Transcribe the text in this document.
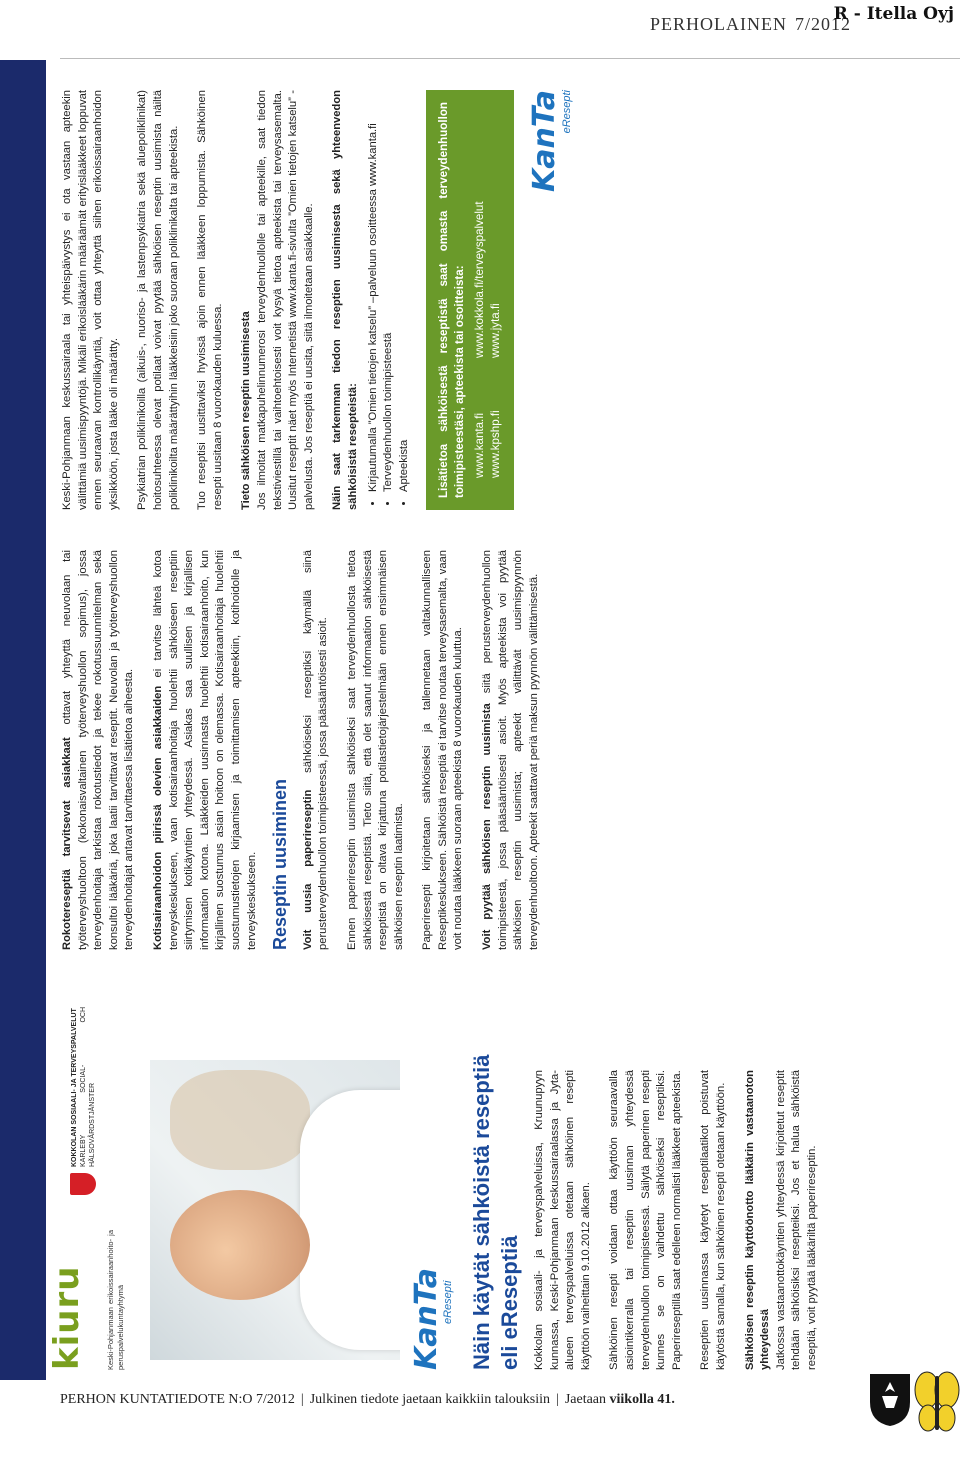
PERHOLAINEN 7/2012
R - Itella Oyj
kiuru	Keski-Pohjanmaan erikoissairaanhoito- ja peruspalvelukuntayhtymä
KOKKOLAN SOSIAALI- JA TERVEYSPALVELUT KARLEBY SOCIAL- OCH HÄLSOVÅRDSTJÄNSTER
KanTa
eResepti Näin käytät sähköistä reseptiä eli eReseptiä Kokkolan sosiaali- ja terveyspalveluissa, Kruunupyyn kunnassa, Keski-Pohjanmaan keskussairaalassa ja Jyta-alueen terveyspalveluissa otetaan sähköinen resepti käyttöön vaiheittain 9.10.2012 alkaen. Sähköinen resepti voidaan ottaa käyttöön seuraavalla asiointikerralla tai reseptin uusinnan yhteydessä terveydenhuollon toimipisteessä. Säilytä paperinen resepti kunnes se on vaihdettu sähköiseksi reseptiksi. Paperireseptillä saat edelleen normalisti lääkkeet apteekista. Reseptien uusinnassa käytetyt reseptilaatikot poistuvat käytöstä samalla, kun sähköinen resepti otetaan käyttöön. Sähköisen reseptin käyttöönotto lääkärin vastaanoton yhteydessä Jatkossa vastaanottokäyntien yhteydessä kirjoitetut reseptit tehdään sähköisiksi resepteiksi. Jos et halua sähköistä reseptiä, voit pyytää lääkäriltä paperireseptin.

Rokotereseptiä tarvitsevat asiakkaat ottavat yhteyttä neuvolaan tai työterveyshuoltoon (kokonaisvaltainen työterveyshuollon sopimus), jossa terveydenhoitaja tarkistaa rokotustiedot ja tekee rokotussuunnitelman sekä konsultoi lääkäriä, joka laatii tarvittavat reseptit. Neuvolan ja työterveyshuollon terveydenhoitajat antavat tarvittaessa lisätietoa aiheesta. Kotisairaanhoidon piirissä olevien asiakkaiden ei tarvitse lähteä kotoa terveyskeskukseen, vaan kotisairaanhoitaja huolehtii sähköiseen reseptiin siirtymisen kotikäyntien yhteydessä. Asiakas saa suullisen ja kirjallisen informaation kotona. Lääkkeiden uusinnasta huolehtii kotisairaanhoito, kun kirjallinen suostumus asian hoitoon on olemassa. Kotisairaanhoitaja huolehtii suostumustietojen kirjaamisen ja toimittamisen apteekkiin, kotihoidolle ja terveyskeskukseen. Reseptin uusiminen Voit uusia paperireseptin sähköiseksi reseptiksi käymällä siinä perusterveydenhuollon toimipisteessä, jossa pääsääntöisesti asioit. Ennen paperireseptin uusimista sähköiseksi saat terveydenhuollosta tietoa sähköisestä reseptistä. Tieto siitä, että olet saanut informaation sähköisestä reseptistä on oltava kirjattuna potilastietojärjestelmään ennen ensimmäisen sähköisen reseptin laatimista. Paperiresepti kirjoitetaan sähköiseksi ja tallennetaan valtakunnalliseen Reseptikeskukseen. Sähköistä reseptiä ei tarvitse noutaa terveysasemalta, vaan voit noutaa lääkkeen suoraan apteekista 8 vuorokauden kuluttua. Voit pyytää sähköisen reseptin uusimista siitä perusterveydenhuollon toimipisteestä, jossa pääsääntöisesti asioit. Myös apteekista voi pyytää sähköisen reseptin uusimista; apteekit välittävät uusimispyynnön terveydenhuoltoon. Apteekit saattavat periä maksun pyynnön välittämisestä.

Keski-Pohjanmaan keskussairaala tai yhteispäivystys ei ota vastaan apteekin välittämiä uusimispyyntöjä. Mikäli erikoislääkärin määräämät erityislääkkeet loppuvat ennen seuraavan kontrollikäyntiä, voit ottaa yhteyttä siihen erikoissairaanhoidon yksikköön, josta lääke oli määrätty. Psykiatrian poliklinikoilla (aikuis-, nuoriso- ja lastenpsykiatria sekä aluepoliklinikat) hoitosuhteessa olevat potilaat voivat pyytää sähköisen reseptin uusimista näiltä poliklinikoilta määrättyihin lääkkeisiin joko suoraan poliklinikalta tai apteekista. Tuo reseptisi uusittaviksi hyvissä ajoin ennen lääkkeen loppumista. Sähköinen resepti uusitaan 8 vuorokauden kuluessa. Tieto sähköisen reseptin uusimisesta Jos ilmoitat matkapuhelinnumerosi terveydenhuollolle tai apteekille, saat tiedon tekstiviestillä tai vaihtoehtoisesti voit kysyä tietoa apteekista tai terveysasemalta. Uusitut reseptit näet myös Internetistä www.kanta.fi-sivulta ”Omien tietojen katselu” -palvelusta. Jos reseptiä ei uusita, siitä ilmoitetaan asiakkaalle. Näin saat tarkemman tiedon reseptien uusimisesta sekä yhteenvedon sähköisistä resepteistä: • Kirjautumalla ”Omien tietojen katselu” –palveluun osoitteessa www.kanta.fi • Terveydenhuollon toimipisteestä • Apteekista Lisätietoa sähköisestä reseptistä saat omasta terveydenhuollon toimipisteestäsi, apteekista tai osoitteista: www.kanta.fi
www.kokkola.fi/terveyspalvelut
www.kpshp.fi
www.jyta.fi
KanTa eResepti
PERHON KUNTATIEDOTE N:O 7/2012 | Julkinen tiedote jaetaan kaikkiin talouksiin | Jaetaan viikolla 41.
